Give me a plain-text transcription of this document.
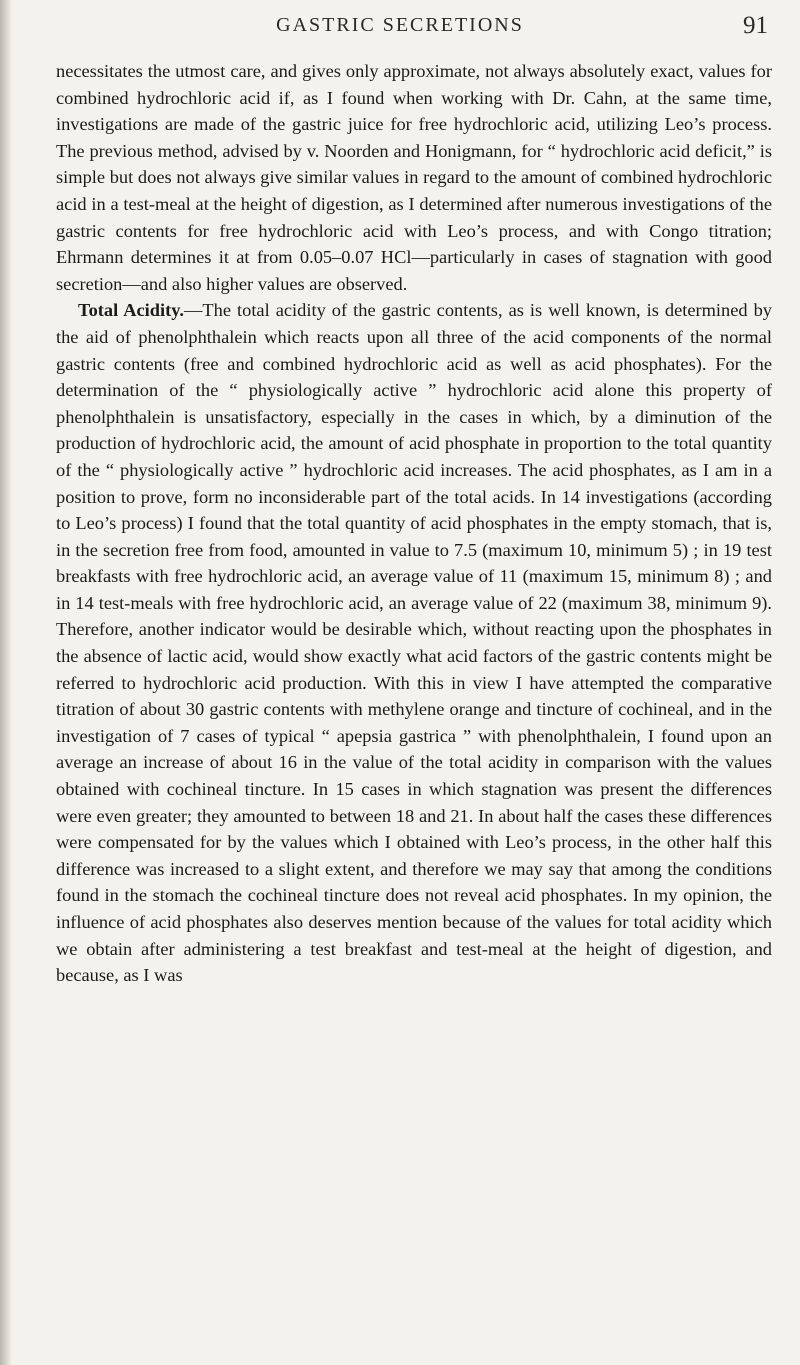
GASTRIC SECRETIONS	91

necessitates the utmost care, and gives only approximate, not always absolutely exact, values for combined hydrochloric acid if, as I found when working with Dr. Cahn, at the same time, investigations are made of the gastric juice for free hydrochloric acid, utilizing Leo’s process. The previous method, advised by v. Noorden and Honigmann, for “ hydrochloric acid deficit,” is simple but does not always give similar values in regard to the amount of combined hydrochloric acid in a test-meal at the height of digestion, as I determined after numerous investigations of the gastric contents for free hydrochloric acid with Leo’s process, and with Congo titration; Ehrmann determines it at from 0.05–0.07 HCl—particularly in cases of stagnation with good secretion—and also higher values are observed.

Total Acidity.—The total acidity of the gastric contents, as is well known, is determined by the aid of phenolphthalein which reacts upon all three of the acid components of the normal gastric contents (free and combined hydrochloric acid as well as acid phosphates). For the determination of the “ physiologically active ” hydrochloric acid alone this property of phenolphthalein is unsatisfactory, especially in the cases in which, by a diminution of the production of hydrochloric acid, the amount of acid phosphate in proportion to the total quantity of the “ physiologically active ” hydrochloric acid increases. The acid phosphates, as I am in a position to prove, form no inconsiderable part of the total acids. In 14 investigations (according to Leo’s process) I found that the total quantity of acid phosphates in the empty stomach, that is, in the secretion free from food, amounted in value to 7.5 (maximum 10, minimum 5) ; in 19 test breakfasts with free hydrochloric acid, an average value of 11 (maximum 15, minimum 8) ; and in 14 test-meals with free hydrochloric acid, an average value of 22 (maximum 38, minimum 9). Therefore, another indicator would be desirable which, without reacting upon the phosphates in the absence of lactic acid, would show exactly what acid factors of the gastric contents might be referred to hydrochloric acid production. With this in view I have attempted the comparative titration of about 30 gastric contents with methylene orange and tincture of cochineal, and in the investigation of 7 cases of typical “ apepsia gastrica ” with phenolphthalein, I found upon an average an increase of about 16 in the value of the total acidity in comparison with the values obtained with cochineal tincture. In 15 cases in which stagnation was present the differences were even greater; they amounted to between 18 and 21. In about half the cases these differences were compensated for by the values which I obtained with Leo’s process, in the other half this difference was increased to a slight extent, and therefore we may say that among the conditions found in the stomach the cochineal tincture does not reveal acid phosphates. In my opinion, the influence of acid phosphates also deserves mention because of the values for total acidity which we obtain after administering a test breakfast and test-meal at the height of digestion, and because, as I was
